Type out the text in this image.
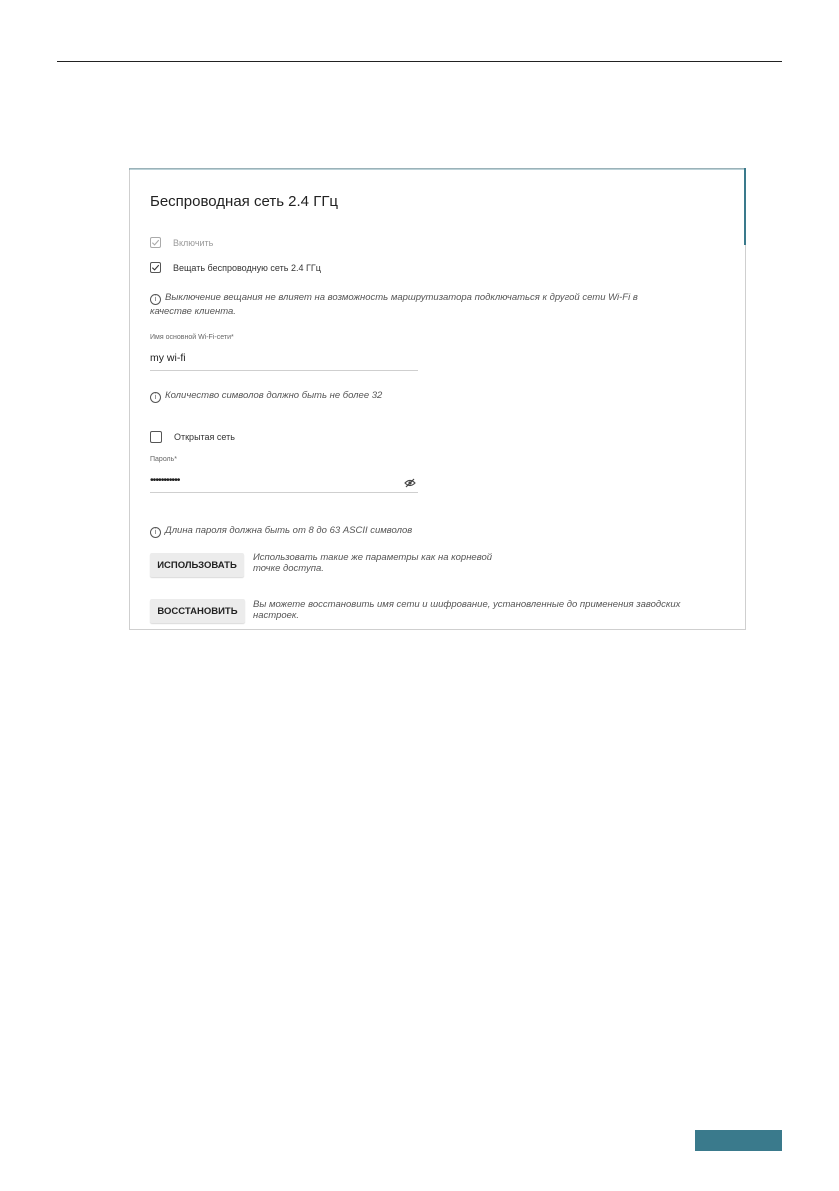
Беспроводная сеть 2.4 ГГц
Включить
Вещать беспроводную сеть 2.4 ГГц
i Выключение вещания не влияет на возможность маршрутизатора подключаться к другой сети Wi-Fi в
качестве клиента.
Имя основной Wi-Fi-сети*
my wi-fi
i Количество символов должно быть не более 32
Открытая сеть
Пароль*
•••••••••••
i Длина пароля должна быть от 8 до 63 ASCII символов
ИСПОЛЬЗОВАТЬ
Использовать такие же параметры как на корневой
точке доступа.
ВОССТАНОВИТЬ
Вы можете восстановить имя сети и шифрование, установленные до применения заводских
настроек.
